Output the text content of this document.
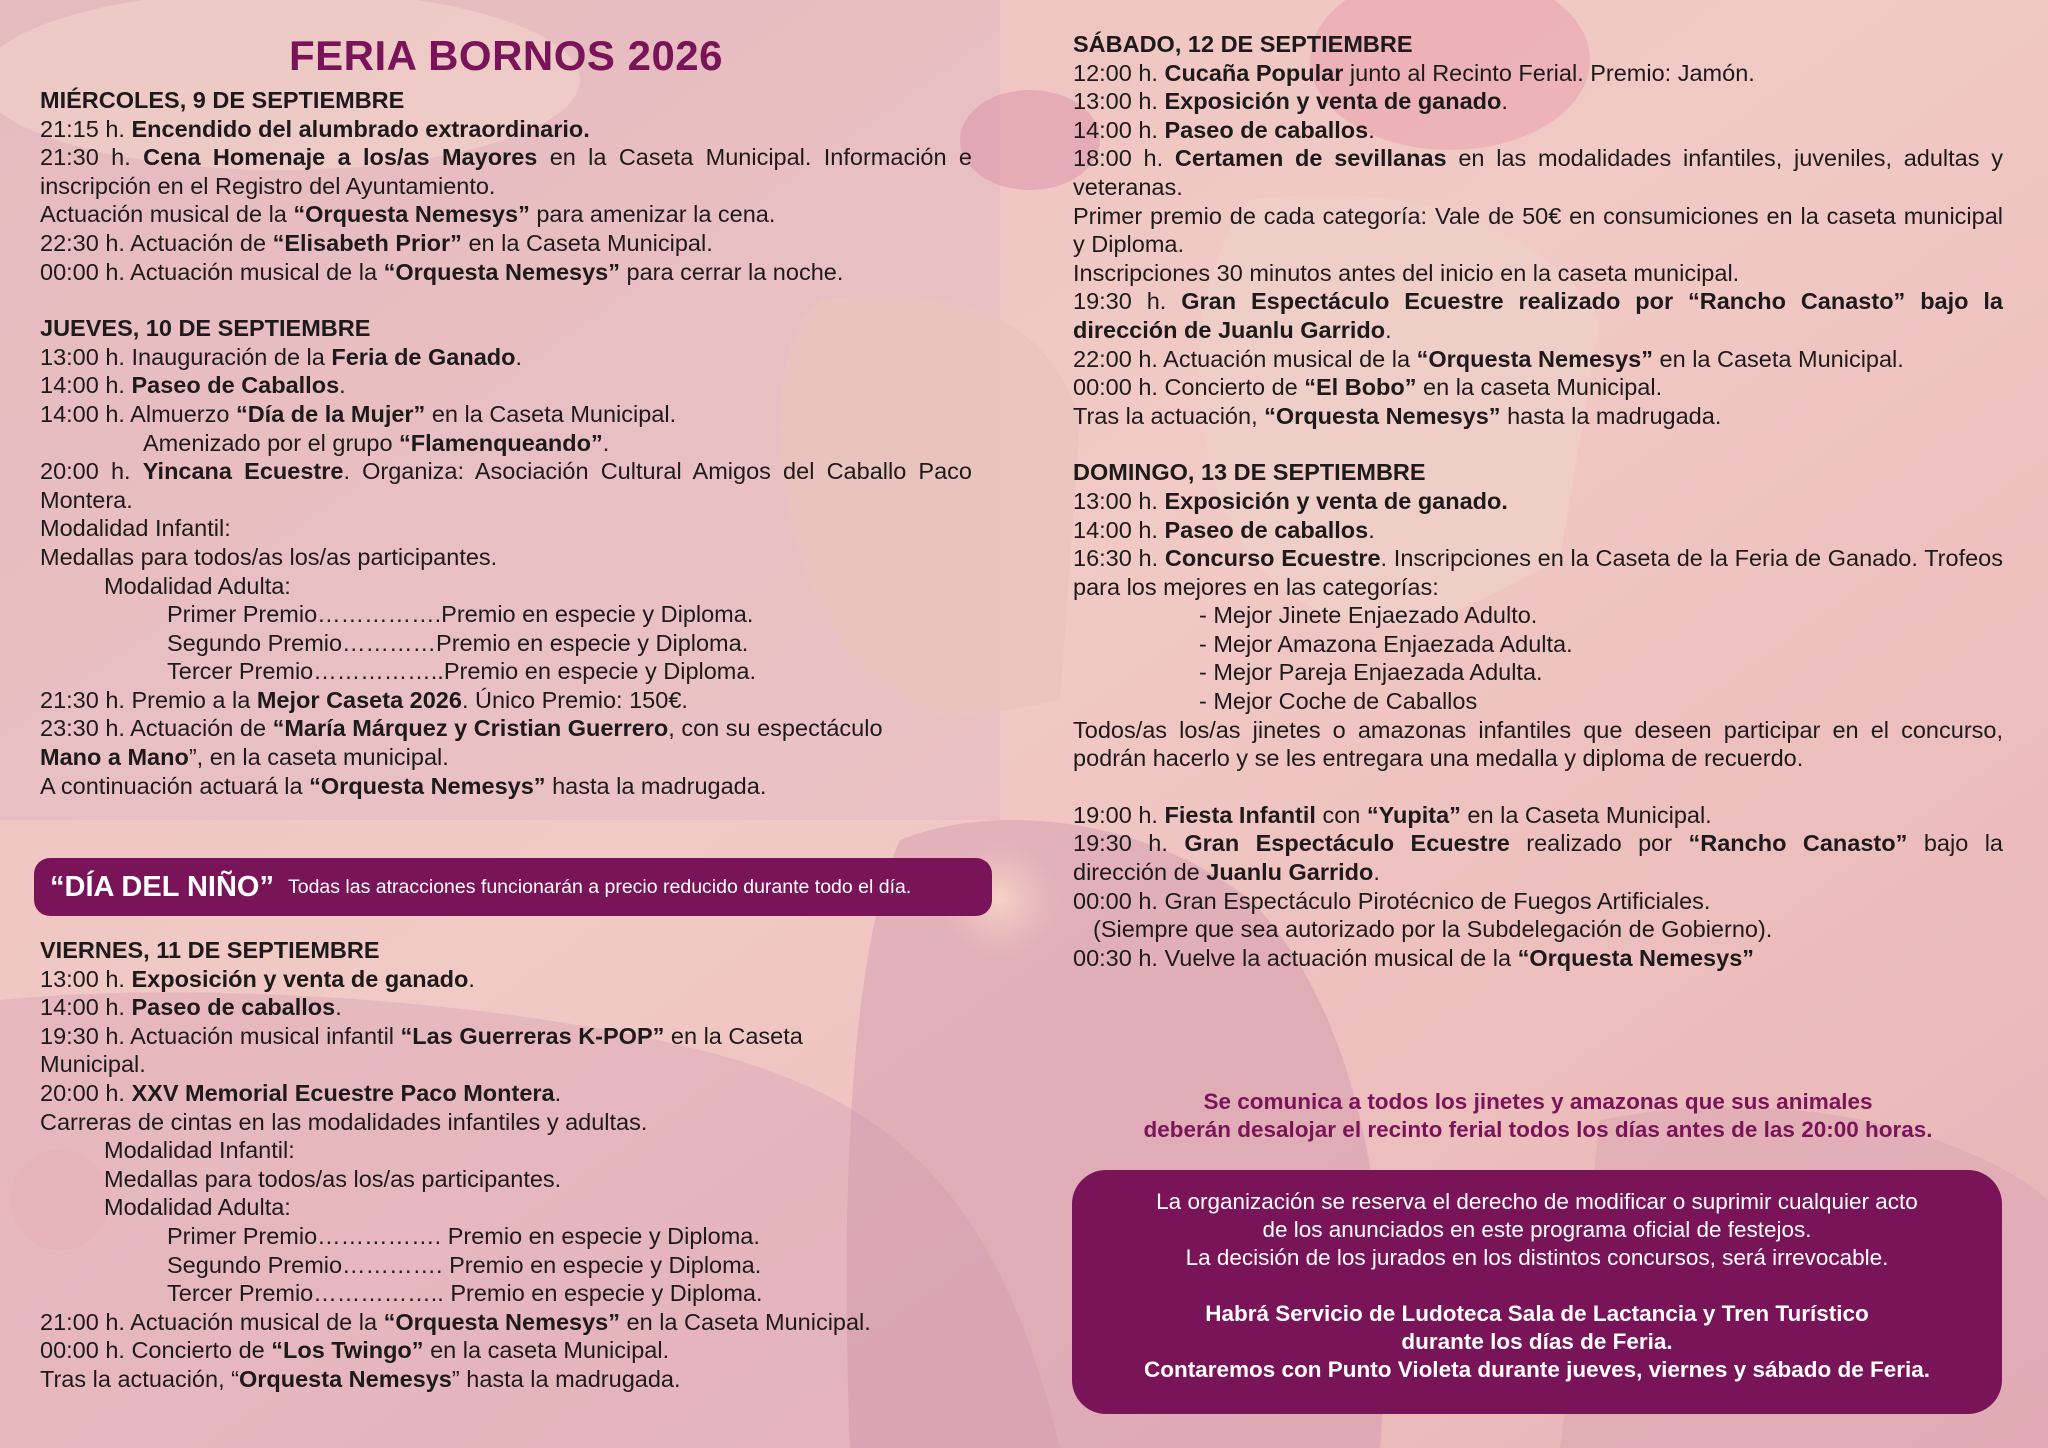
FERIA BORNOS 2026

MIÉRCOLES, 9 DE SEPTIEMBRE

21:15 h. Encendido del alumbrado extraordinario.

21:30 h. Cena Homenaje a los/as Mayores en la Caseta Municipal. Información e inscripción en el Registro del Ayuntamiento.

Actuación musical de la “Orquesta Nemesys” para amenizar la cena.

22:30 h. Actuación de “Elisabeth Prior” en la Caseta Municipal.

00:00 h. Actuación musical de la “Orquesta Nemesys” para cerrar la noche.

JUEVES, 10 DE SEPTIEMBRE

13:00 h. Inauguración de la Feria de Ganado.

14:00 h. Paseo de Caballos.

14:00 h. Almuerzo “Día de la Mujer” en la Caseta Municipal.

Amenizado por el grupo “Flamenqueando”.

20:00 h. Yincana Ecuestre. Organiza: Asociación Cultural Amigos del Caballo Paco Montera.

Modalidad Infantil:

Medallas para todos/as los/as participantes.

Modalidad Adulta:

Primer Premio…………….Premio en especie y Diploma.

Segundo Premio…………Premio en especie y Diploma.

Tercer Premio……………..Premio en especie y Diploma.

21:30 h. Premio a la Mejor Caseta 2026. Único Premio: 150€.

23:30 h. Actuación de “María Márquez y Cristian Guerrero, con su espectáculo

Mano a Mano”, en la caseta municipal.

A continuación actuará la “Orquesta Nemesys” hasta la madrugada.

“DÍA DEL NIÑO” Todas las atracciones funcionarán a precio reducido durante todo el día.

VIERNES, 11 DE SEPTIEMBRE

13:00 h. Exposición y venta de ganado.

14:00 h. Paseo de caballos.

19:30 h. Actuación musical infantil “Las Guerreras K-POP” en la Caseta Municipal.

20:00 h. XXV Memorial Ecuestre Paco Montera.

Carreras de cintas en las modalidades infantiles y adultas.

Modalidad Infantil:

Medallas para todos/as los/as participantes.

Modalidad Adulta:

Primer Premio……………. Premio en especie y Diploma.

Segundo Premio…………. Premio en especie y Diploma.

Tercer Premio…………….. Premio en especie y Diploma.

21:00 h. Actuación musical de la “Orquesta Nemesys” en la Caseta Municipal.

00:00 h. Concierto de “Los Twingo” en la caseta Municipal.

Tras la actuación, “Orquesta Nemesys” hasta la madrugada.

SÁBADO, 12 DE SEPTIEMBRE

12:00 h. Cucaña Popular junto al Recinto Ferial. Premio: Jamón.

13:00 h. Exposición y venta de ganado.

14:00 h. Paseo de caballos.

18:00 h. Certamen de sevillanas en las modalidades infantiles, juveniles, adultas y veteranas.

Primer premio de cada categoría: Vale de 50€ en consumiciones en la caseta municipal y Diploma.

Inscripciones 30 minutos antes del inicio en la caseta municipal.

19:30 h. Gran Espectáculo Ecuestre realizado por “Rancho Canasto” bajo la dirección de Juanlu Garrido.

22:00 h. Actuación musical de la “Orquesta Nemesys” en la Caseta Municipal.

00:00 h. Concierto de “El Bobo” en la caseta Municipal.

Tras la actuación, “Orquesta Nemesys” hasta la madrugada.

DOMINGO, 13 DE SEPTIEMBRE

13:00 h. Exposición y venta de ganado.

14:00 h. Paseo de caballos.

16:30 h. Concurso Ecuestre. Inscripciones en la Caseta de la Feria de Ganado. Trofeos para los mejores en las categorías:

- Mejor Jinete Enjaezado Adulto.

- Mejor Amazona Enjaezada Adulta.

- Mejor Pareja Enjaezada Adulta.

- Mejor Coche de Caballos

Todos/as los/as jinetes o amazonas infantiles que deseen participar en el concurso, podrán hacerlo y se les entregara una medalla y diploma de recuerdo.

19:00 h. Fiesta Infantil con “Yupita” en la Caseta Municipal.

19:30 h. Gran Espectáculo Ecuestre realizado por “Rancho Canasto” bajo la dirección de Juanlu Garrido.

00:00 h. Gran Espectáculo Pirotécnico de Fuegos Artificiales.

(Siempre que sea autorizado por la Subdelegación de Gobierno).

00:30 h. Vuelve la actuación musical de la “Orquesta Nemesys”

Se comunica a todos los jinetes y amazonas que sus animales
deberán desalojar el recinto ferial todos los días antes de las 20:00 horas.

La organización se reserva el derecho de modificar o suprimir cualquier acto

de los anunciados en este programa oficial de festejos.

La decisión de los jurados en los distintos concursos, será irrevocable.

Habrá Servicio de Ludoteca Sala de Lactancia y Tren Turístico

durante los días de Feria.

Contaremos con Punto Violeta durante jueves, viernes y sábado de Feria.
